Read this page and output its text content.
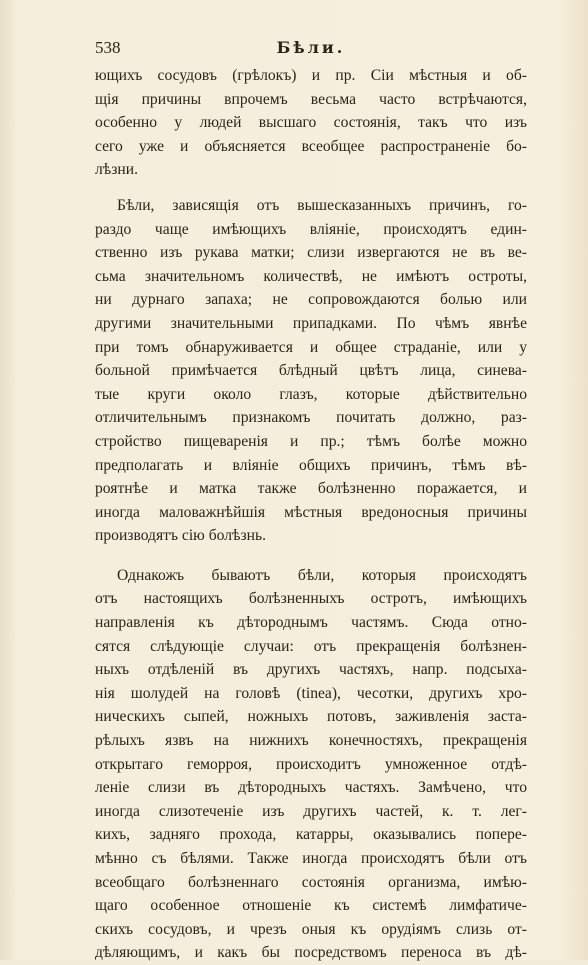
538	Бѣли.
ющихъ сосудовъ (грѣлокъ) и пр. Сіи мѣстныя и об-
щія причины впрочемъ весьма часто встрѣчаются,
особенно у людей высшаго состоянія, такъ что изъ
сего уже и объясняется всеобщее распространеніе бо-
лѣзни.
Бѣли, зависящія отъ вышесказанныхъ причинъ, го-
раздо чаще имѣющихъ вліяніе, происходятъ един-
ственно изъ рукава матки; слизи извергаются не въ ве-
сьма значительномъ количествѣ, не имѣютъ остроты,
ни дурнаго запаха; не сопровождаются болью или
другими значительными припадками. По чѣмъ явнѣе
при томъ обнаруживается и общее страданіе, или у
больной примѣчается блѣдный цвѣтъ лица, синева-
тые круги около глазъ, которые дѣйствительно
отличительнымъ признакомъ почитать должно, раз-
стройство пищеваренія и пр.; тѣмъ болѣе можно
предполагать и вліяніе общихъ причинъ, тѣмъ вѣ-
роятнѣе и матка также болѣзненно поражается, и
иногда маловажнѣйшія мѣстныя вредоносныя причины
производятъ сію болѣзнь.
Однакожъ бываютъ бѣли, которыя происходятъ
отъ настоящихъ болѣзненныхъ остротъ, имѣющихъ
направленія къ дѣтороднымъ частямъ. Сюда отно-
сятся слѣдующіе случаи: отъ прекращенія болѣзнен-
ныхъ отдѣленій въ другихъ частяхъ, напр. подсыха-
нія шолудей на головѣ (tinea), чесотки, другихъ хро-
ническихъ сыпей, ножныхъ потовъ, заживленія заста-
рѣлыхъ язвъ на нижнихъ конечностяхъ, прекращенія
открытаго геморроя, происходитъ умноженное отдѣ-
леніе слизи въ дѣтородныхъ частяхъ. Замѣчено, что
иногда слизотеченіе изъ другихъ частей, к. т. лег-
кихъ, задняго прохода, катарры, оказывались попере-
мѣнно съ бѣлями. Также иногда происходятъ бѣли отъ
всеобщаго болѣзненнаго состоянія организма, имѣю-
щаго особенное отношеніе къ системѣ лимфатиче-
скихъ сосудовъ, и чрезъ оныя къ орудіямъ слизь от-
дѣляющимъ, и какъ бы посредствомъ переноса въ дѣ-
